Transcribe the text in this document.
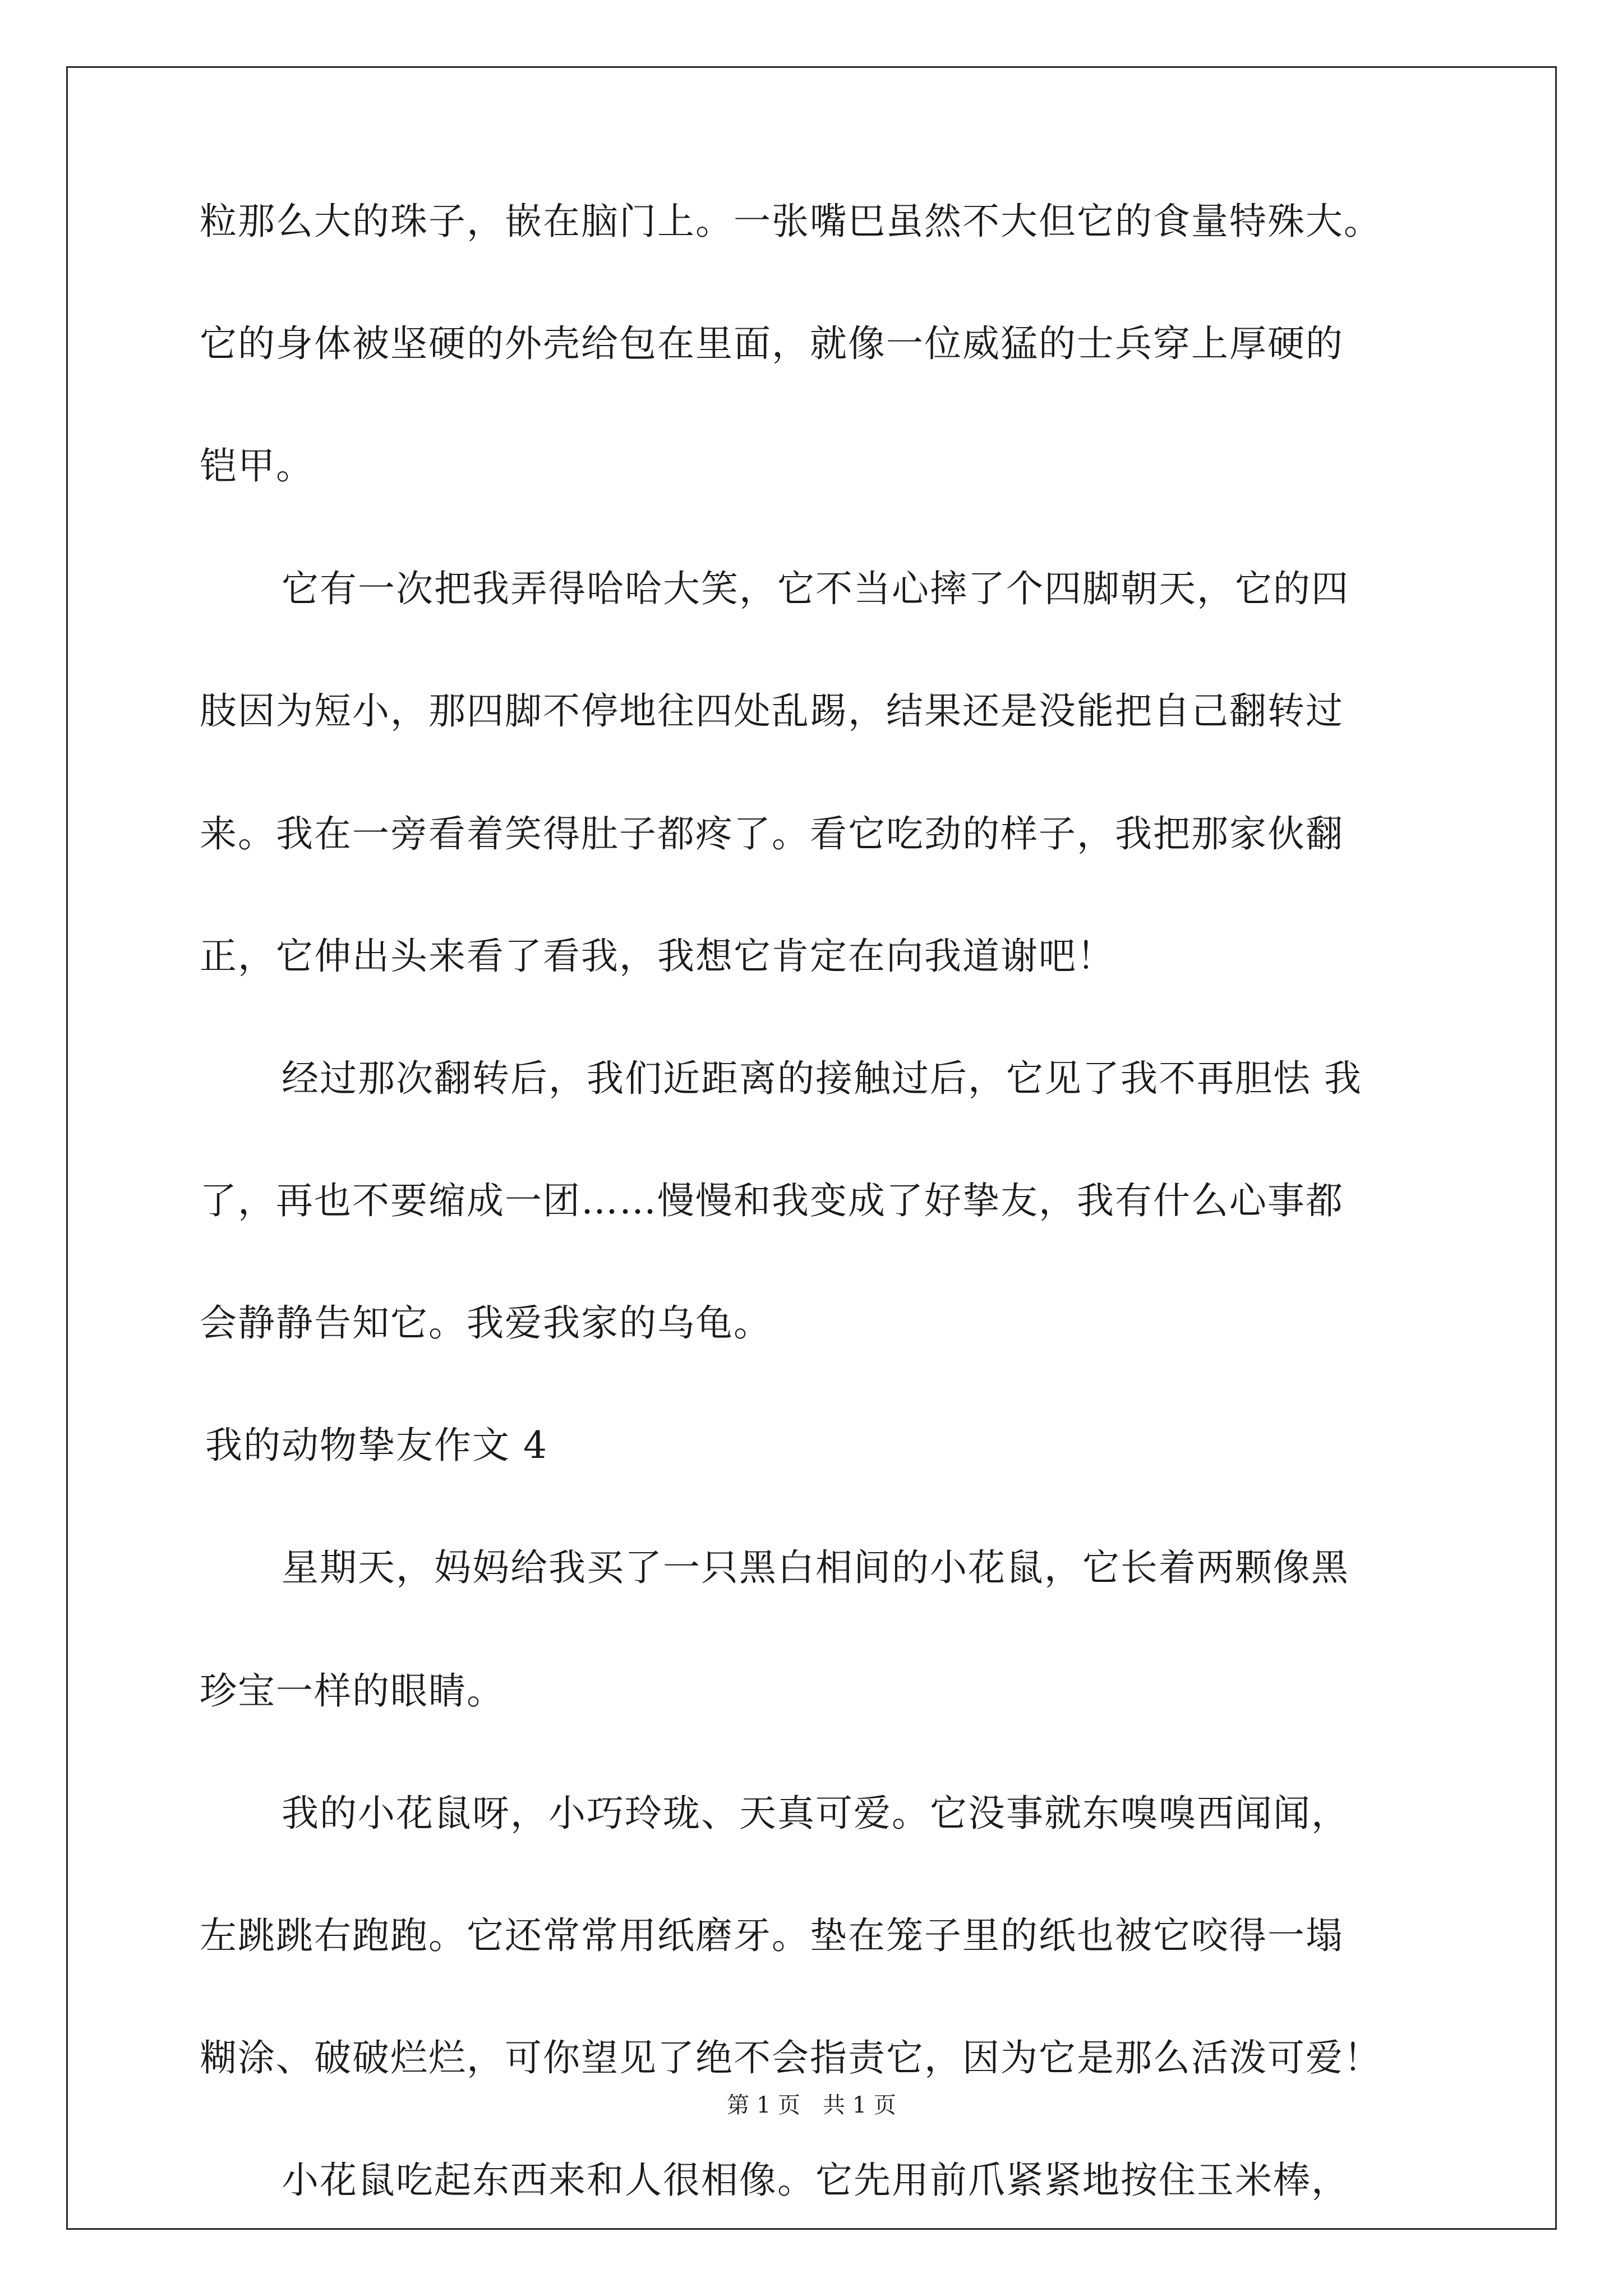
粒那么大的珠子，嵌在脑门上。一张嘴巴虽然不大但它的食量特殊大。
它的身体被坚硬的外壳给包在里面，就像一位威猛的士兵穿上厚硬的
铠甲。
它有一次把我弄得哈哈大笑，它不当心摔了个四脚朝天，它的四
肢因为短小，那四脚不停地往四处乱踢，结果还是没能把自己翻转过
来。我在一旁看着笑得肚子都疼了。看它吃劲的样子，我把那家伙翻
正，它伸出头来看了看我，我想它肯定在向我道谢吧！
经过那次翻转后，我们近距离的接触过后，它见了我不再胆怯 我
了，再也不要缩成一团……慢慢和我变成了好挚友，我有什么心事都
会静静告知它。我爱我家的乌龟。
我的动物挚友作文 4
星期天，妈妈给我买了一只黑白相间的小花鼠，它长着两颗像黑
珍宝一样的眼睛。
我的小花鼠呀，小巧玲珑、天真可爱。它没事就东嗅嗅西闻闻，
左跳跳右跑跑。它还常常用纸磨牙。垫在笼子里的纸也被它咬得一塌
糊涂、破破烂烂，可你望见了绝不会指责它，因为它是那么活泼可爱！
小花鼠吃起东西来和人很相像。它先用前爪紧紧地按住玉米棒，
第 1 页　共 1 页
